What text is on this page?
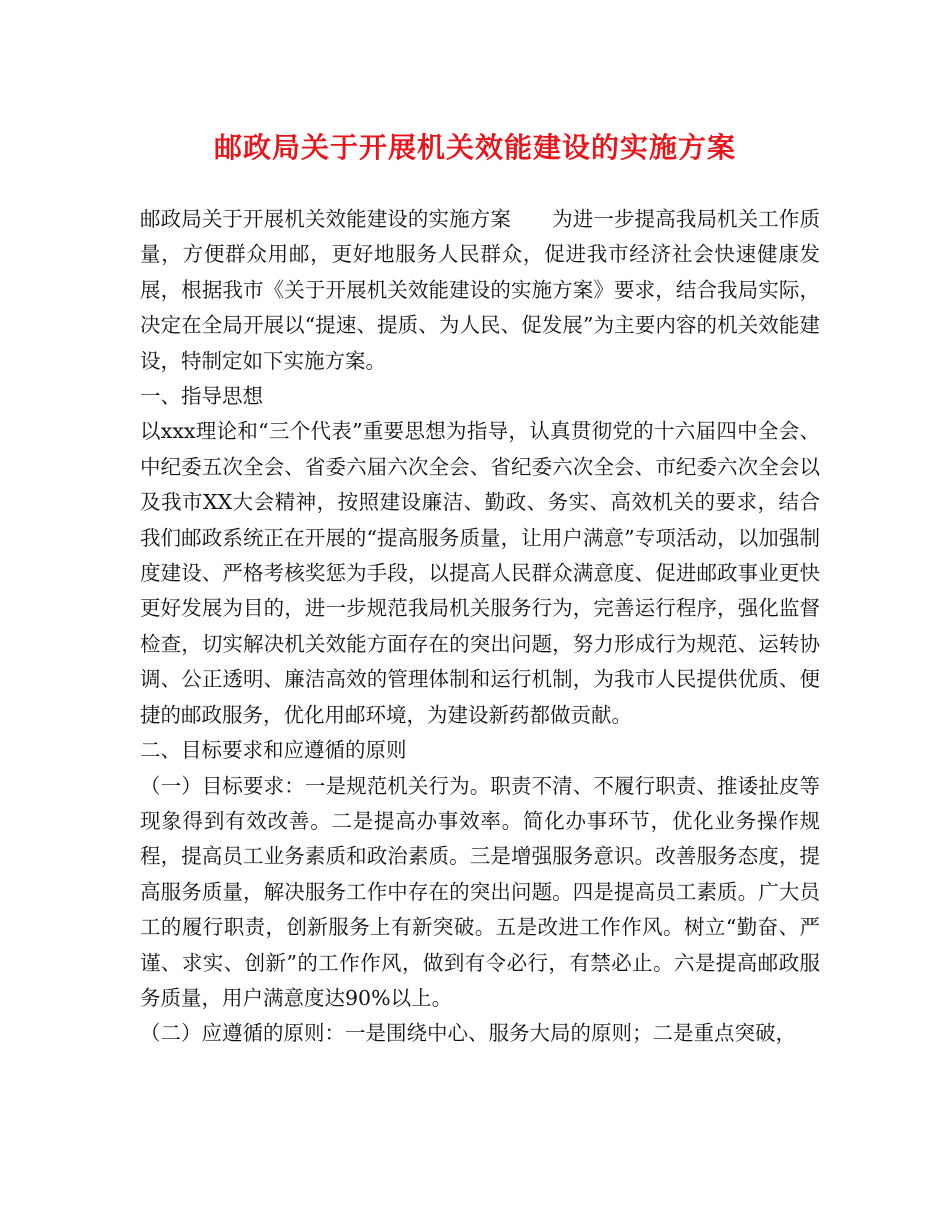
邮政局关于开展机关效能建设的实施方案

邮政局关于开展机关效能建设的实施方案　　为进一步提高我局机关工作质量，方便群众用邮，更好地服务人民群众，促进我市经济社会快速健康发展，根据我市《关于开展机关效能建设的实施方案》要求，结合我局实际，决定在全局开展以“提速、提质、为人民、促发展”为主要内容的机关效能建设，特制定如下实施方案。

一、指导思想

以xxx理论和“三个代表”重要思想为指导，认真贯彻党的十六届四中全会、中纪委五次全会、省委六届六次全会、省纪委六次全会、市纪委六次全会以及我市XX大会精神，按照建设廉洁、勤政、务实、高效机关的要求，结合我们邮政系统正在开展的“提高服务质量，让用户满意”专项活动，以加强制度建设、严格考核奖惩为手段，以提高人民群众满意度、促进邮政事业更快更好发展为目的，进一步规范我局机关服务行为，完善运行程序，强化监督检查，切实解决机关效能方面存在的突出问题，努力形成行为规范、运转协调、公正透明、廉洁高效的管理体制和运行机制，为我市人民提供优质、便捷的邮政服务，优化用邮环境，为建设新药都做贡献。

二、目标要求和应遵循的原则

（一）目标要求：一是规范机关行为。职责不清、不履行职责、推诿扯皮等现象得到有效改善。二是提高办事效率。简化办事环节，优化业务操作规程，提高员工业务素质和政治素质。三是增强服务意识。改善服务态度，提高服务质量，解决服务工作中存在的突出问题。四是提高员工素质。广大员工的履行职责，创新服务上有新突破。五是改进工作作风。树立“勤奋、严谨、求实、创新”的工作作风，做到有令必行，有禁必止。六是提高邮政服务质量，用户满意度达90%以上。

（二）应遵循的原则：一是围绕中心、服务大局的原则；二是重点突破，
